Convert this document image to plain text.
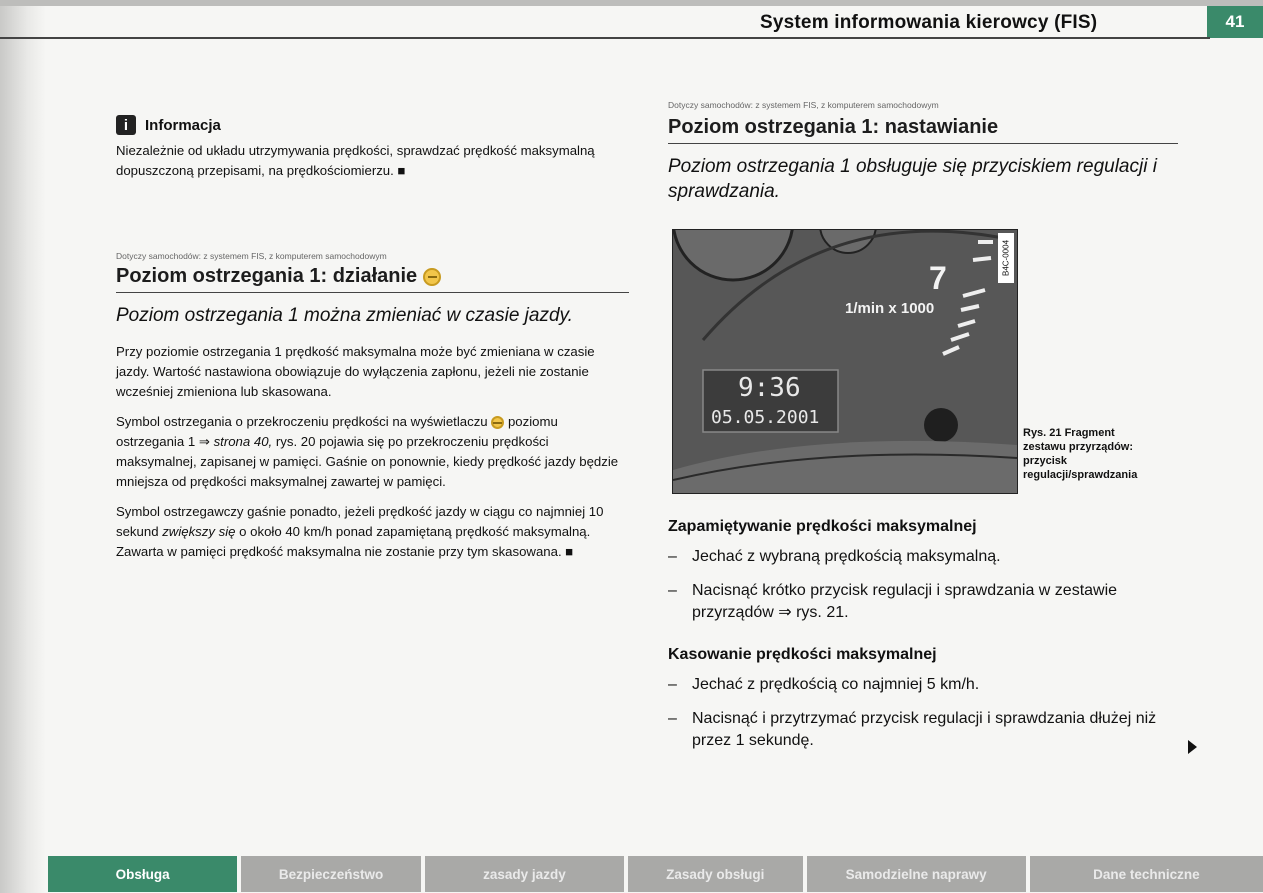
System informowania kierowcy (FIS)	41
i	Informacja

Niezależnie od układu utrzymywania prędkości, sprawdzać prędkość maksymalną dopuszczoną przepisami, na prędkościomierzu. ■

Dotyczy samochodów: z systemem FIS, z komputerem samochodowym

Poziom ostrzegania 1: działanie

Poziom ostrzegania 1 można zmieniać w czasie jazdy.

Przy poziomie ostrzegania 1 prędkość maksymalna może być zmieniana w czasie jazdy. Wartość nastawiona obowiązuje do wyłączenia zapłonu, jeżeli nie zostanie wcześniej zmieniona lub skasowana.

Symbol ostrzegania o przekroczeniu prędkości na wyświetlaczu poziomu ostrzegania 1 ⇒ strona 40, rys. 20 pojawia się po przekroczeniu prędkości maksymalnej, zapisanej w pamięci. Gaśnie on ponownie, kiedy prędkość jazdy będzie mniejsza od prędkości maksymalnej zawartej w pamięci.

Symbol ostrzegawczy gaśnie ponadto, jeżeli prędkość jazdy w ciągu co najmniej 10 sekund zwiększy się o około 40 km/h ponad zapamiętaną prędkość maksymalną. Zawarta w pamięci prędkość maksymalna nie zostanie przy tym skasowana. ■

Dotyczy samochodów: z systemem FIS, z komputerem samochodowym

Poziom ostrzegania 1: nastawianie

Poziom ostrzegania 1 obsługuje się przyciskiem regulacji i sprawdzania.

7
1/min x 1000
9:36
05.05.2001
B4C-0004
Rys. 21 Fragment zestawu przyrządów: przycisk regulacji/sprawdzania
Zapamiętywanie prędkości maksymalnej
– Jechać z wybraną prędkością maksymalną.
– Nacisnąć krótko przycisk regulacji i sprawdzania w zestawie przyrządów ⇒ rys. 21.
Kasowanie prędkości maksymalnej
– Jechać z prędkością co najmniej 5 km/h.
– Nacisnąć i przytrzymać przycisk regulacji i sprawdzania dłużej niż przez 1 sekundę.
Obsługa	Bezpieczeństwo	zasady jazdy	Zasady obsługi	Samodzielne naprawy	Dane techniczne
